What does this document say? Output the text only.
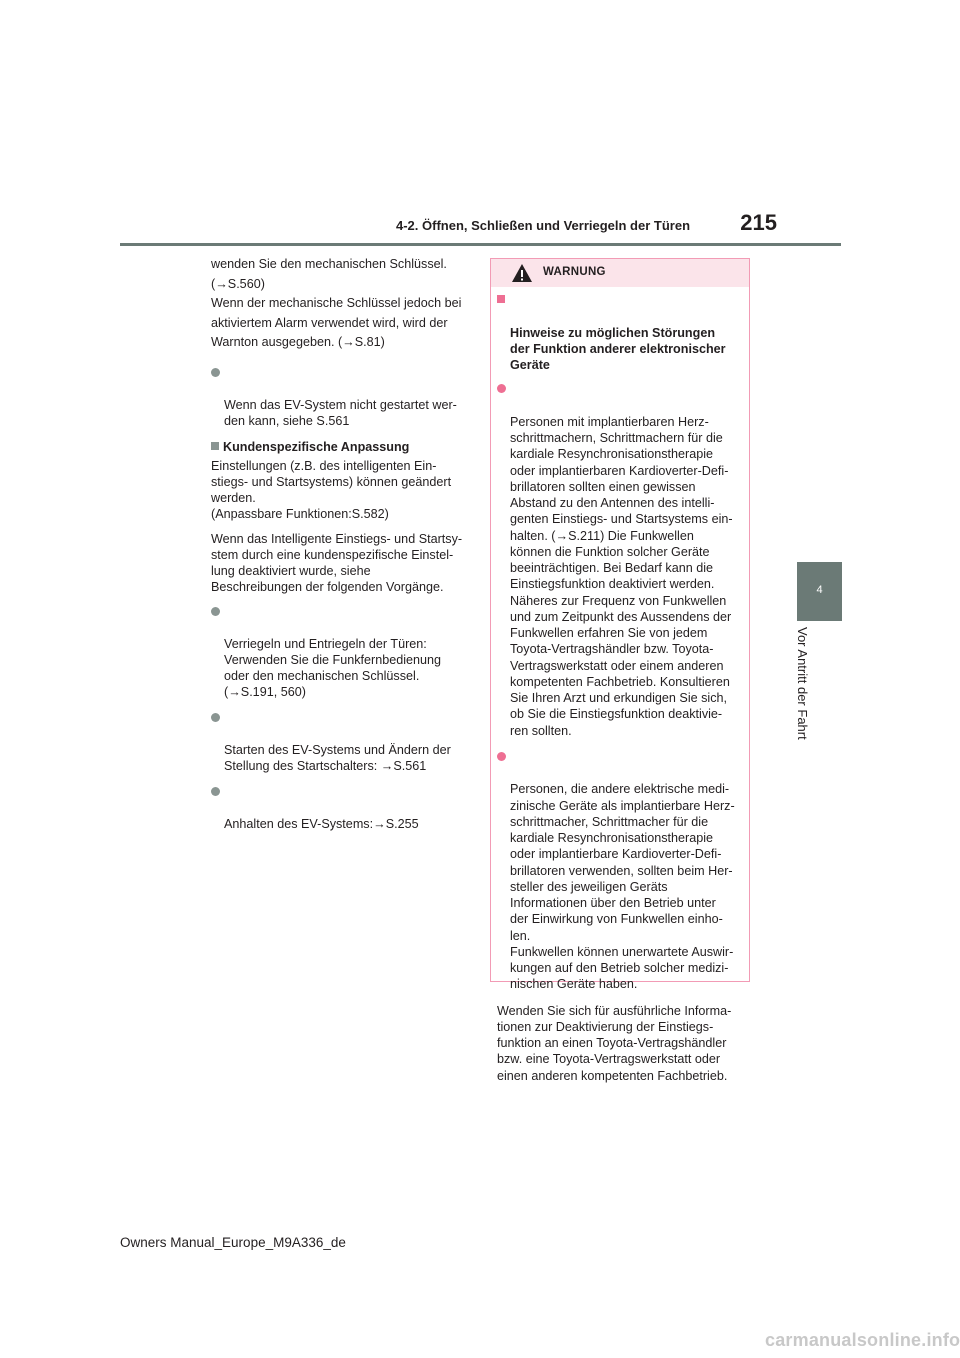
4-2. Öffnen, Schließen und Verriegeln der Türen	215
4
Vor Antritt der Fahrt

wenden Sie den mechanischen Schlüssel.

(→S.560)

Wenn der mechanische Schlüssel jedoch bei

aktiviertem Alarm verwendet wird, wird der

Warnton ausgegeben. (→S.81)

Wenn das EV-System nicht gestartet wer-
den kann, siehe S.561

Kundenspezifische Anpassung
Einstellungen (z.B. des intelligenten Ein-
stiegs- und Startsystems) können geändert
werden.
(Anpassbare Funktionen:S.582)
Wenn das Intelligente Einstiegs- und Startsy-
stem durch eine kundenspezifische Einstel-
lung deaktiviert wurde, siehe
Beschreibungen der folgenden Vorgänge.

Verriegeln und Entriegeln der Türen:
Verwenden Sie die Funkfernbedienung
oder den mechanischen Schlüssel.
(→S.191, 560)

Starten des EV-Systems und Ändern der
Stellung des Startschalters: →S.561

Anhalten des EV-Systems:→S.255

WARNUNG

Hinweise zu möglichen Störungen
der Funktion anderer elektronischer
Geräte

Personen mit implantierbaren Herz-
schrittmachern, Schrittmachern für die
kardiale Resynchronisationstherapie
oder implantierbaren Kardioverter-Defi-
brillatoren sollten einen gewissen
Abstand zu den Antennen des intelli-
genten Einstiegs- und Startsystems ein-
halten. (→S.211) Die Funkwellen
können die Funktion solcher Geräte
beeinträchtigen. Bei Bedarf kann die
Einstiegsfunktion deaktiviert werden.
Näheres zur Frequenz von Funkwellen
und zum Zeitpunkt des Aussendens der
Funkwellen erfahren Sie von jedem
Toyota-Vertragshändler bzw. Toyota-
Vertragswerkstatt oder einem anderen
kompetenten Fachbetrieb. Konsultieren
Sie Ihren Arzt und erkundigen Sie sich,
ob Sie die Einstiegsfunktion deaktivie-
ren sollten.

Personen, die andere elektrische medi-
zinische Geräte als implantierbare Herz-
schrittmacher, Schrittmacher für die
kardiale Resynchronisationstherapie
oder implantierbare Kardioverter-Defi-
brillatoren verwenden, sollten beim Her-
steller des jeweiligen Geräts
Informationen über den Betrieb unter
der Einwirkung von Funkwellen einho-
len.
Funkwellen können unerwartete Auswir-
kungen auf den Betrieb solcher medizi-
nischen Geräte haben.

Wenden Sie sich für ausführliche Informa-
tionen zur Deaktivierung der Einstiegs-
funktion an einen Toyota-Vertragshändler
bzw. eine Toyota-Vertragswerkstatt oder
einen anderen kompetenten Fachbetrieb.

Owners Manual_Europe_M9A336_de
carmanualsonline.info
